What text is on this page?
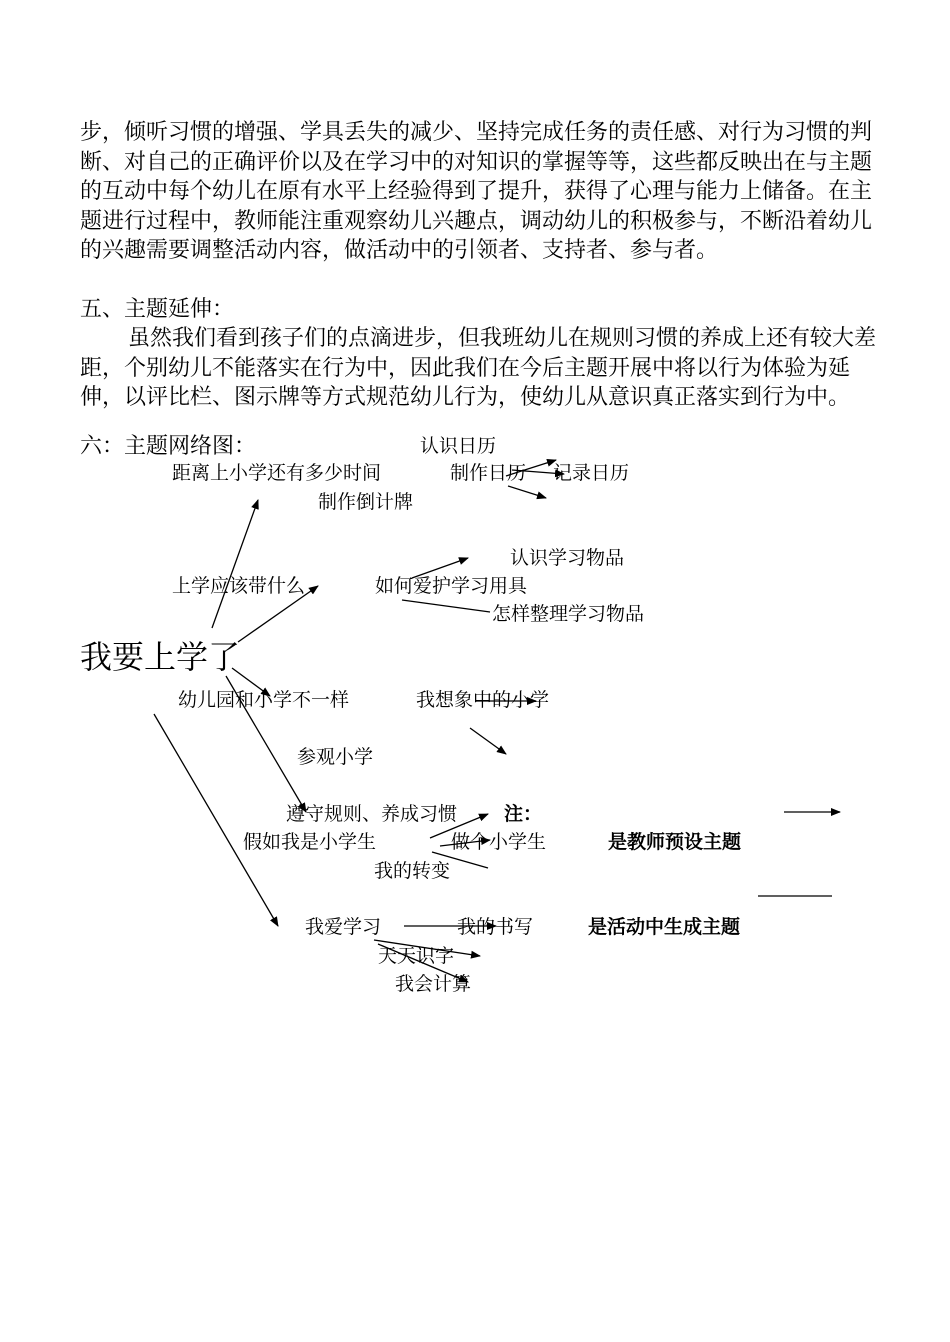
步，倾听习惯的增强、学具丢失的减少、坚持完成任务的责任感、对行为习惯的判断、对自己的正确评价以及在学习中的对知识的掌握等等，这些都反映出在与主题的互动中每个幼儿在原有水平上经验得到了提升，获得了心理与能力上储备。在主题进行过程中，教师能注重观察幼儿兴趣点，调动幼儿的积极参与，不断沿着幼儿的兴趣需要调整活动内容，做活动中的引领者、支持者、参与者。

五、主题延伸：

虽然我们看到孩子们的点滴进步，但我班幼儿在规则习惯的养成上还有较大差距，个别幼儿不能落实在行为中，因此我们在今后主题开展中将以行为体验为延伸，以评比栏、图示牌等方式规范幼儿行为，使幼儿从意识真正落实到行为中。

六：主题网络图：	认识日历
距离上小学还有多少时间	制作日历 记录日历
制作倒计牌
认识学习物品
上学应该带什么	如何爱护学习用具
怎样整理学习物品
我要上学了
幼儿园和小学不一样	我想象中的小学
参观小学
遵守规则、养成习惯 注：
假如我是小学生	做个小学生	是教师预设主题
我的转变
我爱学习	我的书写	是活动中生成主题
天天识字
我会计算
